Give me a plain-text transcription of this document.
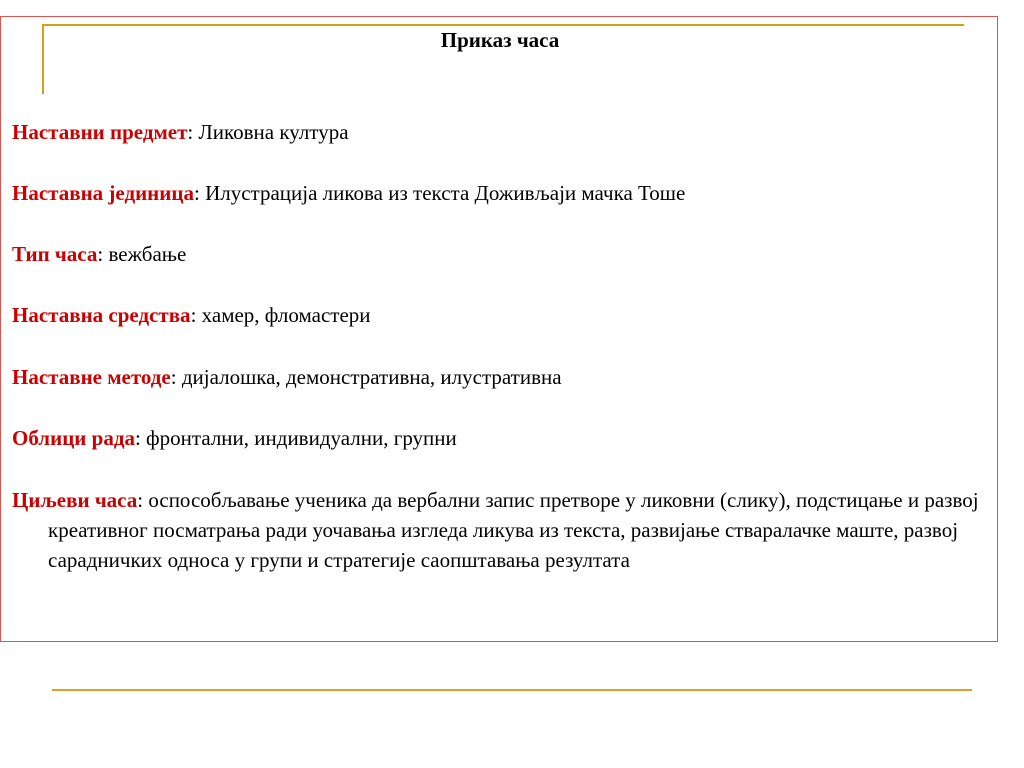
Приказ часа
Наставни предмет: Ликовна култура
Наставна јединица: Илустрација ликова из текста Доживљаји мачка Тоше
Тип часа: вежбање
Наставна средства: хамер, фломастери
Наставне методе: дијалошка, демонстративна, илустративна
Облици рада: фронтални, индивидуални, групни
Циљеви часа: оспособљавање ученика да вербални запис претворе у ликовни (слику), подстицање и развој креативног посматрања ради уочавања изгледа ликува из текста, развијање стваралачке маште, развој сарадничких односа у групи и стратегије саопштавања резултата
